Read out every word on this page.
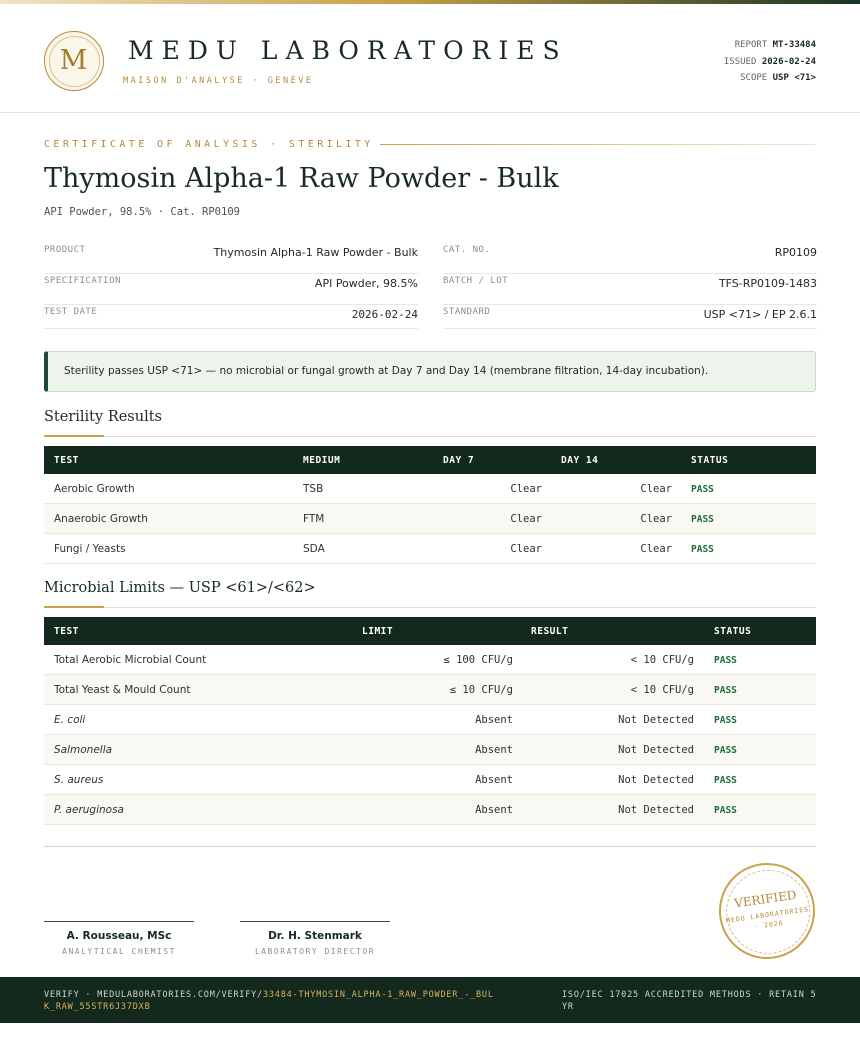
M	MEDU LABORATORIES
MAISON D'ANALYSE · GENÈVE
REPORT MT-33484
ISSUED 2026-02-24
SCOPE USP <71>
CERTIFICATE OF ANALYSIS · STERILITY
Thymosin Alpha-1 Raw Powder - Bulk
API Powder, 98.5% · Cat. RP0109
PRODUCT	Thymosin Alpha-1 Raw Powder - Bulk
SPECIFICATION	API Powder, 98.5%
TEST DATE	2026-02-24
CAT. NO.	RP0109
BATCH / LOT	TFS-RP0109-1483
STANDARD	USP <71> / EP 2.6.1
Sterility passes USP <71> — no microbial or fungal growth at Day 7 and Day 14 (membrane filtration, 14-day incubation).
Sterility Results
TEST	MEDIUM	DAY 7	DAY 14	STATUS
Aerobic Growth	TSB	Clear	Clear PASS
Anaerobic Growth	FTM	Clear	Clear PASS
Fungi / Yeasts	SDA	Clear	Clear PASS
Microbial Limits — USP <61>/<62>
TEST	LIMIT	RESULT	STATUS
Total Aerobic Microbial Count	≤ 100 CFU/g	< 10 CFU/g PASS
Total Yeast & Mould Count	≤ 10 CFU/g	< 10 CFU/g PASS
E. coli	Absent	Not Detected PASS
Salmonella	Absent	Not Detected PASS
S. aureus	Absent	Not Detected PASS
P. aeruginosa	Absent	Not Detected PASS
A. Rousseau, MSc
ANALYTICAL CHEMIST
Dr. H. Stenmark
LABORATORY DIRECTOR
VERIFIED
MEDU LABORATORIES · 2026
VERIFY · MEDULABORATORIES.COM/VERIFY/33484-THYMOSIN_ALPHA-1_RAW_POWDER_-_BULK_RAW_55STR6J37DXB
ISO/IEC 17025 ACCREDITED METHODS · RETAIN 5 YR
